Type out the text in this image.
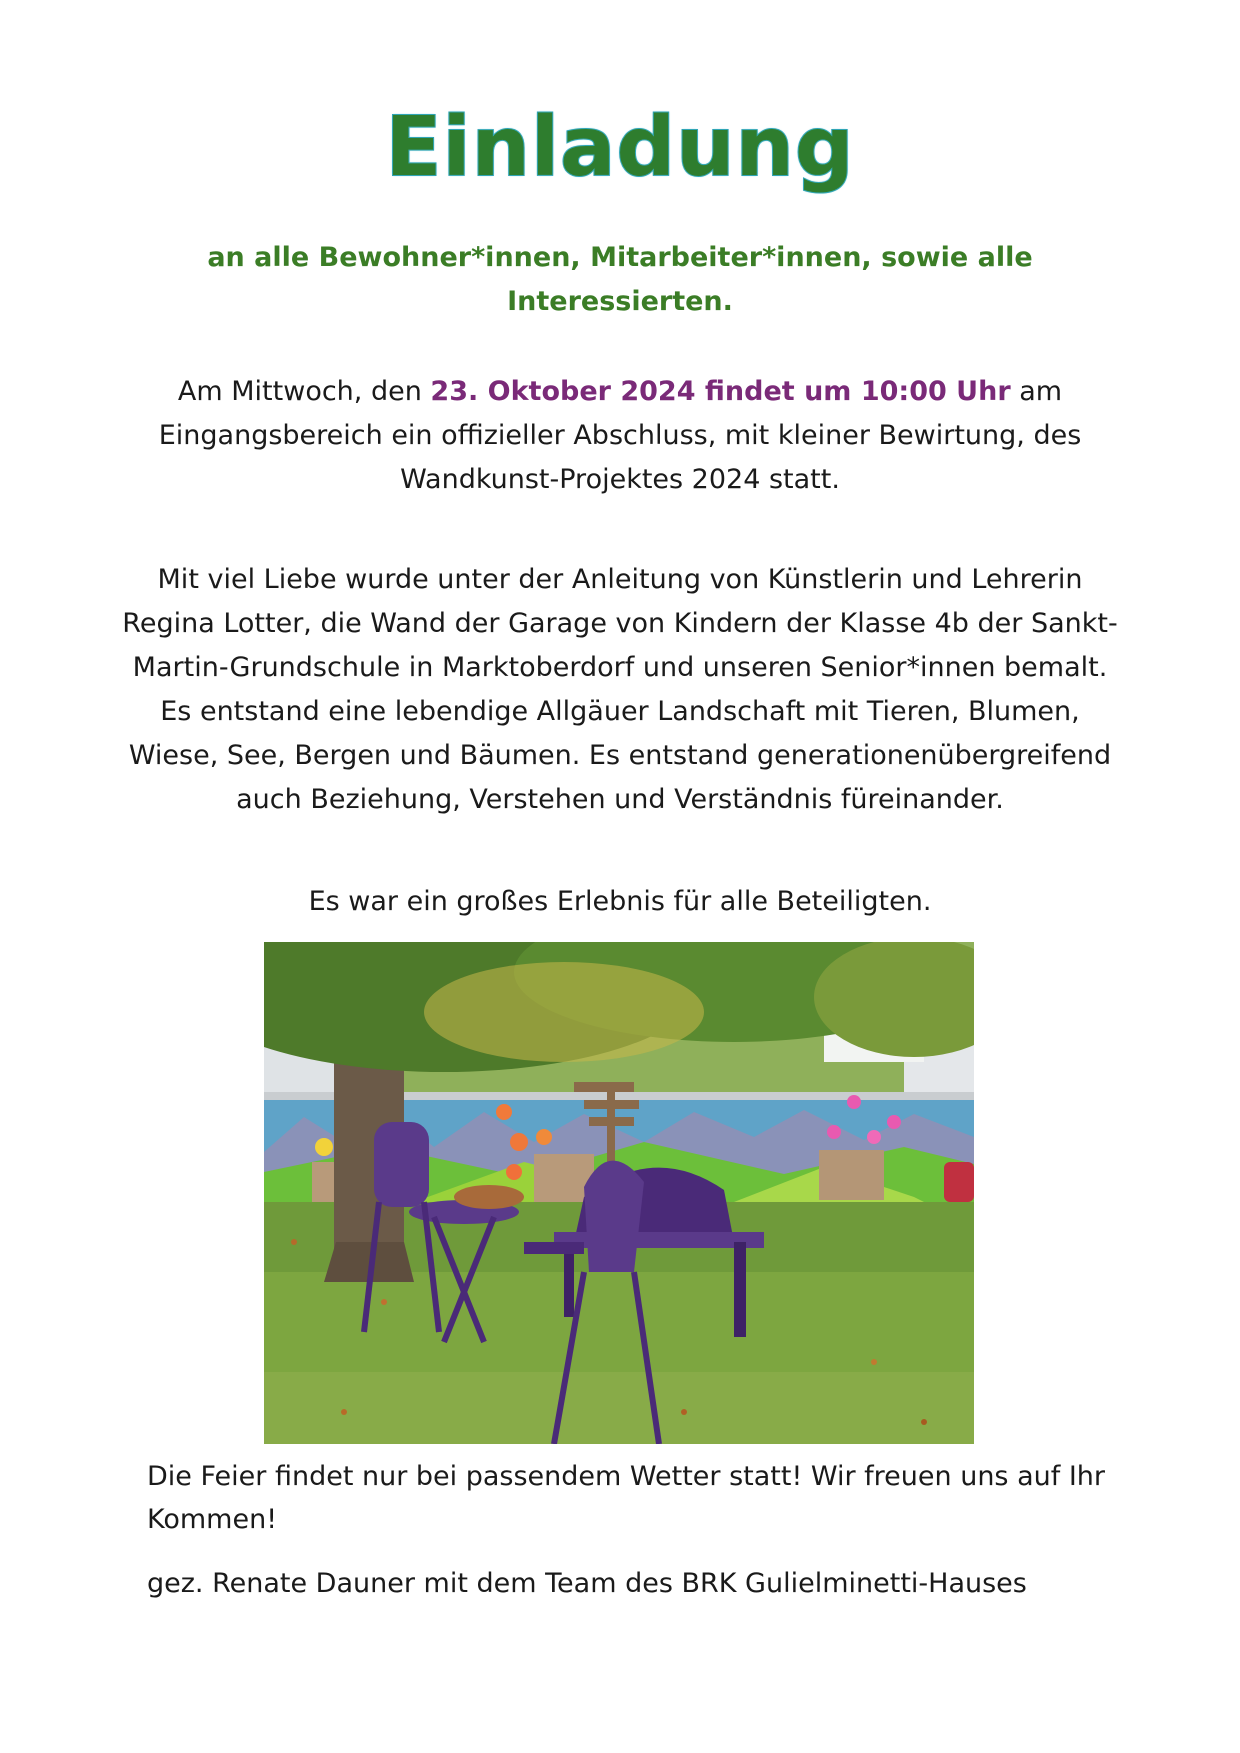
Einladung
an alle Bewohner*innen, Mitarbeiter*innen, sowie alle Interessierten.
Am Mittwoch, den 23. Oktober 2024 findet um 10:00 Uhr am Eingangsbereich ein offizieller Abschluss, mit kleiner Bewirtung, des Wandkunst-Projektes 2024 statt.
Mit viel Liebe wurde unter der Anleitung von Künstlerin und Lehrerin Regina Lotter, die Wand der Garage von Kindern der Klasse 4b der Sankt-Martin-Grundschule in Marktoberdorf und unseren Senior*innen bemalt. Es entstand eine lebendige Allgäuer Landschaft mit Tieren, Blumen, Wiese, See, Bergen und Bäumen. Es entstand generationenübergreifend auch Beziehung, Verstehen und Verständnis füreinander.
Es war ein großes Erlebnis für alle Beteiligten.
Die Feier findet nur bei passendem Wetter statt! Wir freuen uns auf Ihr Kommen!
gez. Renate Dauner mit dem Team des BRK Gulielminetti-Hauses
